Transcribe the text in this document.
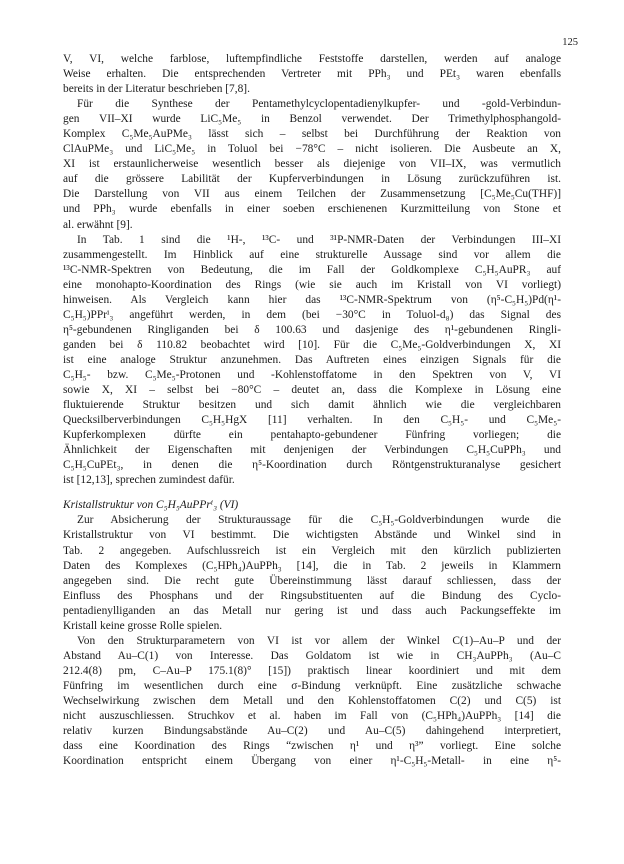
125
V, VI, welche farblose, luftempfindliche Feststoffe darstellen, werden auf analoge
Weise erhalten. Die entsprechenden Vertreter mit PPh₃ und PEt₃ waren ebenfalls
bereits in der Literatur beschrieben [7,8].
Für die Synthese der Pentamethylcyclopentadienylkupfer- und -gold-Verbindun-
gen VII–XI wurde LiC₅Me₅ in Benzol verwendet. Der Trimethylphosphangold-
Komplex C₅Me₅AuPMe₃ lässt sich – selbst bei Durchführung der Reaktion von
ClAuPMe₃ und LiC₅Me₅ in Toluol bei −78°C – nicht isolieren. Die Ausbeute an X,
XI ist erstaunlicherweise wesentlich besser als diejenige von VII–IX, was vermutlich
auf die grössere Labilität der Kupferverbindungen in Lösung zurückzuführen ist.
Die Darstellung von VII aus einem Teilchen der Zusammensetzung [C₅Me₅Cu(THF)]
und PPh₃ wurde ebenfalls in einer soeben erschienenen Kurzmitteilung von Stone et
al. erwähnt [9].
In Tab. 1 sind die ¹H-, ¹³C- und ³¹P-NMR-Daten der Verbindungen III–XI
zusammengestellt. Im Hinblick auf eine strukturelle Aussage sind vor allem die
¹³C-NMR-Spektren von Bedeutung, die im Fall der Goldkomplexe C₅H₅AuPR₃ auf
eine monohapto-Koordination des Rings (wie sie auch im Kristall von VI vorliegt)
hinweisen. Als Vergleich kann hier das ¹³C-NMR-Spektrum von (η⁵-C₅H₅)Pd(η¹-
C₅H₅)PPrⁱ₃ angeführt werden, in dem (bei −30°C in Toluol-d₈) das Signal des
η⁵-gebundenen Ringliganden bei δ 100.63 und dasjenige des η¹-gebundenen Ringli-
ganden bei δ 110.82 beobachtet wird [10]. Für die C₅Me₅-Goldverbindungen X, XI
ist eine analoge Struktur anzunehmen. Das Auftreten eines einzigen Signals für die
C₅H₅- bzw. C₅Me₅-Protonen und -Kohlenstoffatome in den Spektren von V, VI
sowie X, XI – selbst bei −80°C – deutet an, dass die Komplexe in Lösung eine
fluktuierende Struktur besitzen und sich damit ähnlich wie die vergleichbaren
Quecksilberverbindungen C₅H₅HgX [11] verhalten. In den C₅H₅- und C₅Me₅-
Kupferkomplexen dürfte ein pentahapto-gebundener Fünfring vorliegen; die
Ähnlichkeit der Eigenschaften mit denjenigen der Verbindungen C₅H₅CuPPh₃ und
C₅H₅CuPEt₃, in denen die η⁵-Koordination durch Röntgenstrukturanalyse gesichert
ist [12,13], sprechen zumindest dafür.
Kristallstruktur von C₅H₅AuPPrⁱ₃ (VI)
Zur Absicherung der Strukturaussage für die C₅H₅-Goldverbindungen wurde die
Kristallstruktur von VI bestimmt. Die wichtigsten Abstände und Winkel sind in
Tab. 2 angegeben. Aufschlussreich ist ein Vergleich mit den kürzlich publizierten
Daten des Komplexes (C₅HPh₄)AuPPh₃ [14], die in Tab. 2 jeweils in Klammern
angegeben sind. Die recht gute Übereinstimmung lässt darauf schliessen, dass der
Einfluss des Phosphans und der Ringsubstituenten auf die Bindung des Cyclo-
pentadienylliganden an das Metall nur gering ist und dass auch Packungseffekte im
Kristall keine grosse Rolle spielen.
Von den Strukturparametern von VI ist vor allem der Winkel C(1)–Au–P und der
Abstand Au–C(1) von Interesse. Das Goldatom ist wie in CH₃AuPPh₃ (Au–C
212.4(8) pm, C–Au–P 175.1(8)° [15]) praktisch linear koordiniert und mit dem
Fünfring im wesentlichen durch eine σ-Bindung verknüpft. Eine zusätzliche schwache
Wechselwirkung zwischen dem Metall und den Kohlenstoffatomen C(2) und C(5) ist
nicht auszuschliessen. Struchkov et al. haben im Fall von (C₅HPh₄)AuPPh₃ [14] die
relativ kurzen Bindungsabstände Au–C(2) und Au–C(5) dahingehend interpretiert,
dass eine Koordination des Rings “zwischen η¹ und η³” vorliegt. Eine solche
Koordination entspricht einem Übergang von einer η¹-C₅H₅-Metall- in eine η⁵-
